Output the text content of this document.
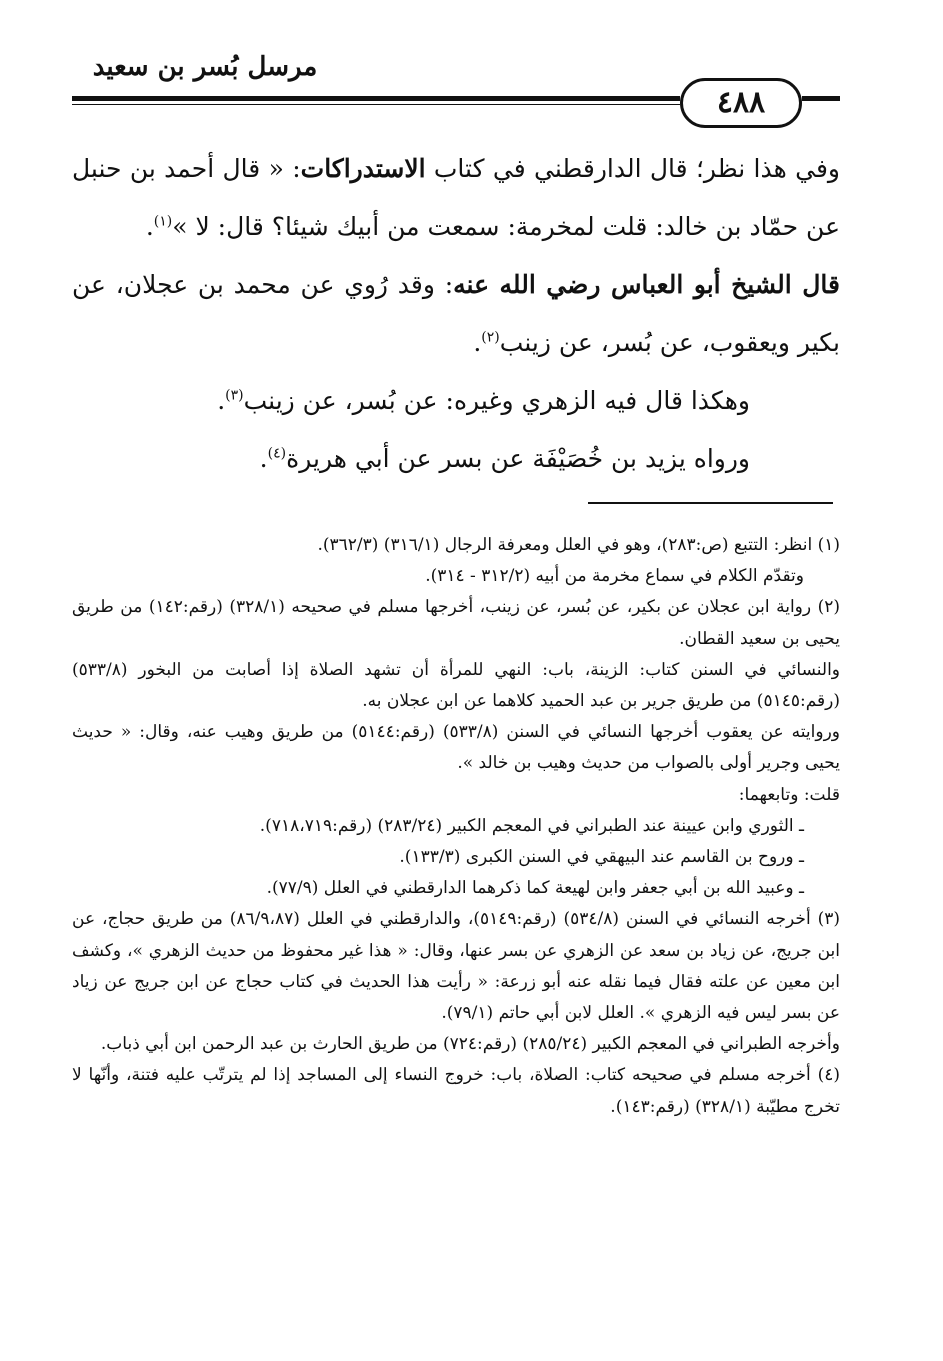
مرسل بُسر بن سعيد
٤٨٨

وفي هذا نظر؛ قال الدارقطني في كتاب الاستدراكات: « قال أحمد بن حنبل عن حمّاد بن خالد: قلت لمخرمة: سمعت من أبيك شيئا؟ قال: لا »$^{(١)}$.

قال الشيخ أبو العباس رضي الله عنه: وقد رُوي عن محمد بن عجلان، عن بكير ويعقوب، عن بُسر، عن زينب$^{(٢)}$.

وهكذا قال فيه الزهري وغيره: عن بُسر، عن زينب$^{(٣)}$.

ورواه يزيد بن خُصَيْفَة عن بسر عن أبي هريرة$^{(٤)}$.

(١) انظر: التتبع (ص:٢٨٣)، وهو في العلل ومعرفة الرجال (٣١٦/١) (٣٦٢/٣).

وتقدّم الكلام في سماع مخرمة من أبيه (٣١٢/٢ - ٣١٤).

(٢) رواية ابن عجلان عن بكير، عن بُسر، عن زينب، أخرجها مسلم في صحيحه (٣٢٨/١) (رقم:١٤٢) من طريق يحيى بن سعيد القطان.

والنسائي في السنن كتاب: الزينة، باب: النهي للمرأة أن تشهد الصلاة إذا أصابت من البخور (٥٣٣/٨) (رقم:٥١٤٥) من طريق جرير بن عبد الحميد كلاهما عن ابن عجلان به.

وروايته عن يعقوب أخرجها النسائي في السنن (٥٣٣/٨) (رقم:٥١٤٤) من طريق وهيب عنه، وقال: « حديث يحيى وجرير أولى بالصواب من حديث وهيب بن خالد ».

قلت: وتابعهما:

ـ الثوري وابن عيينة عند الطبراني في المعجم الكبير (٢٨٣/٢٤) (رقم:٧١٨،٧١٩).

ـ وروح بن القاسم عند البيهقي في السنن الكبرى (١٣٣/٣).

ـ وعبيد الله بن أبي جعفر وابن لهيعة كما ذكرهما الدارقطني في العلل (٧٧/٩).

(٣) أخرجه النسائي في السنن (٥٣٤/٨) (رقم:٥١٤٩)، والدارقطني في العلل (٨٦/٩،٨٧) من طريق حجاج، عن ابن جريج، عن زياد بن سعد عن الزهري عن بسر عنها، وقال: « هذا غير محفوظ من حديث الزهري »، وكشف ابن معين عن علته فقال فيما نقله عنه أبو زرعة: « رأيت هذا الحديث في كتاب حجاج عن ابن جريج عن زياد عن بسر ليس فيه الزهري ». العلل لابن أبي حاتم (٧٩/١).

وأخرجه الطبراني في المعجم الكبير (٢٨٥/٢٤) (رقم:٧٢٤) من طريق الحارث بن عبد الرحمن ابن أبي ذباب.

(٤) أخرجه مسلم في صحيحه كتاب: الصلاة، باب: خروج النساء إلى المساجد إذا لم يترتّب عليه فتنة، وأنّها لا تخرج مطيّبة (٣٢٨/١) (رقم:١٤٣).
